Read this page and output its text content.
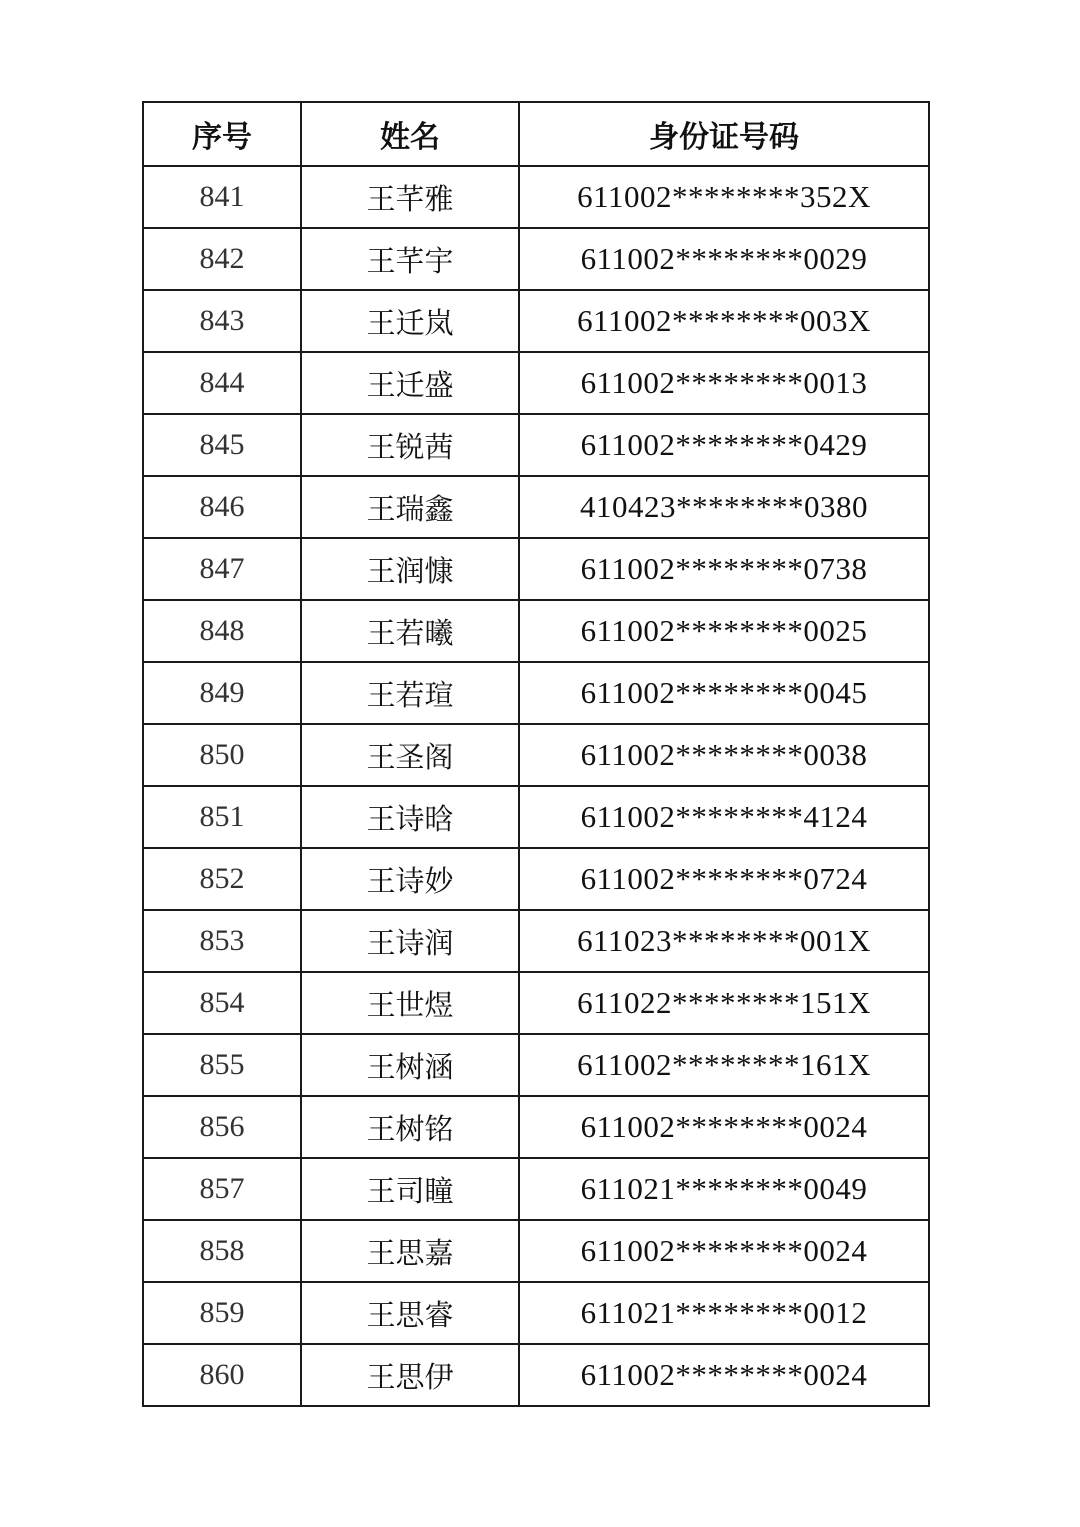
序号	姓名	身份证号码
841	王芊雅	611002********352X
842	王芊宇	611002********0029
843	王迁岚	611002********003X
844	王迁盛	611002********0013
845	王锐茜	611002********0429
846	王瑞鑫	410423********0380
847	王润慷	611002********0738
848	王若曦	611002********0025
849	王若瑄	611002********0045
850	王圣阁	611002********0038
851	王诗晗	611002********4124
852	王诗妙	611002********0724
853	王诗润	611023********001X
854	王世煜	611022********151X
855	王树涵	611002********161X
856	王树铭	611002********0024
857	王司瞳	611021********0049
858	王思嘉	611002********0024
859	王思睿	611021********0012
860	王思伊	611002********0024
